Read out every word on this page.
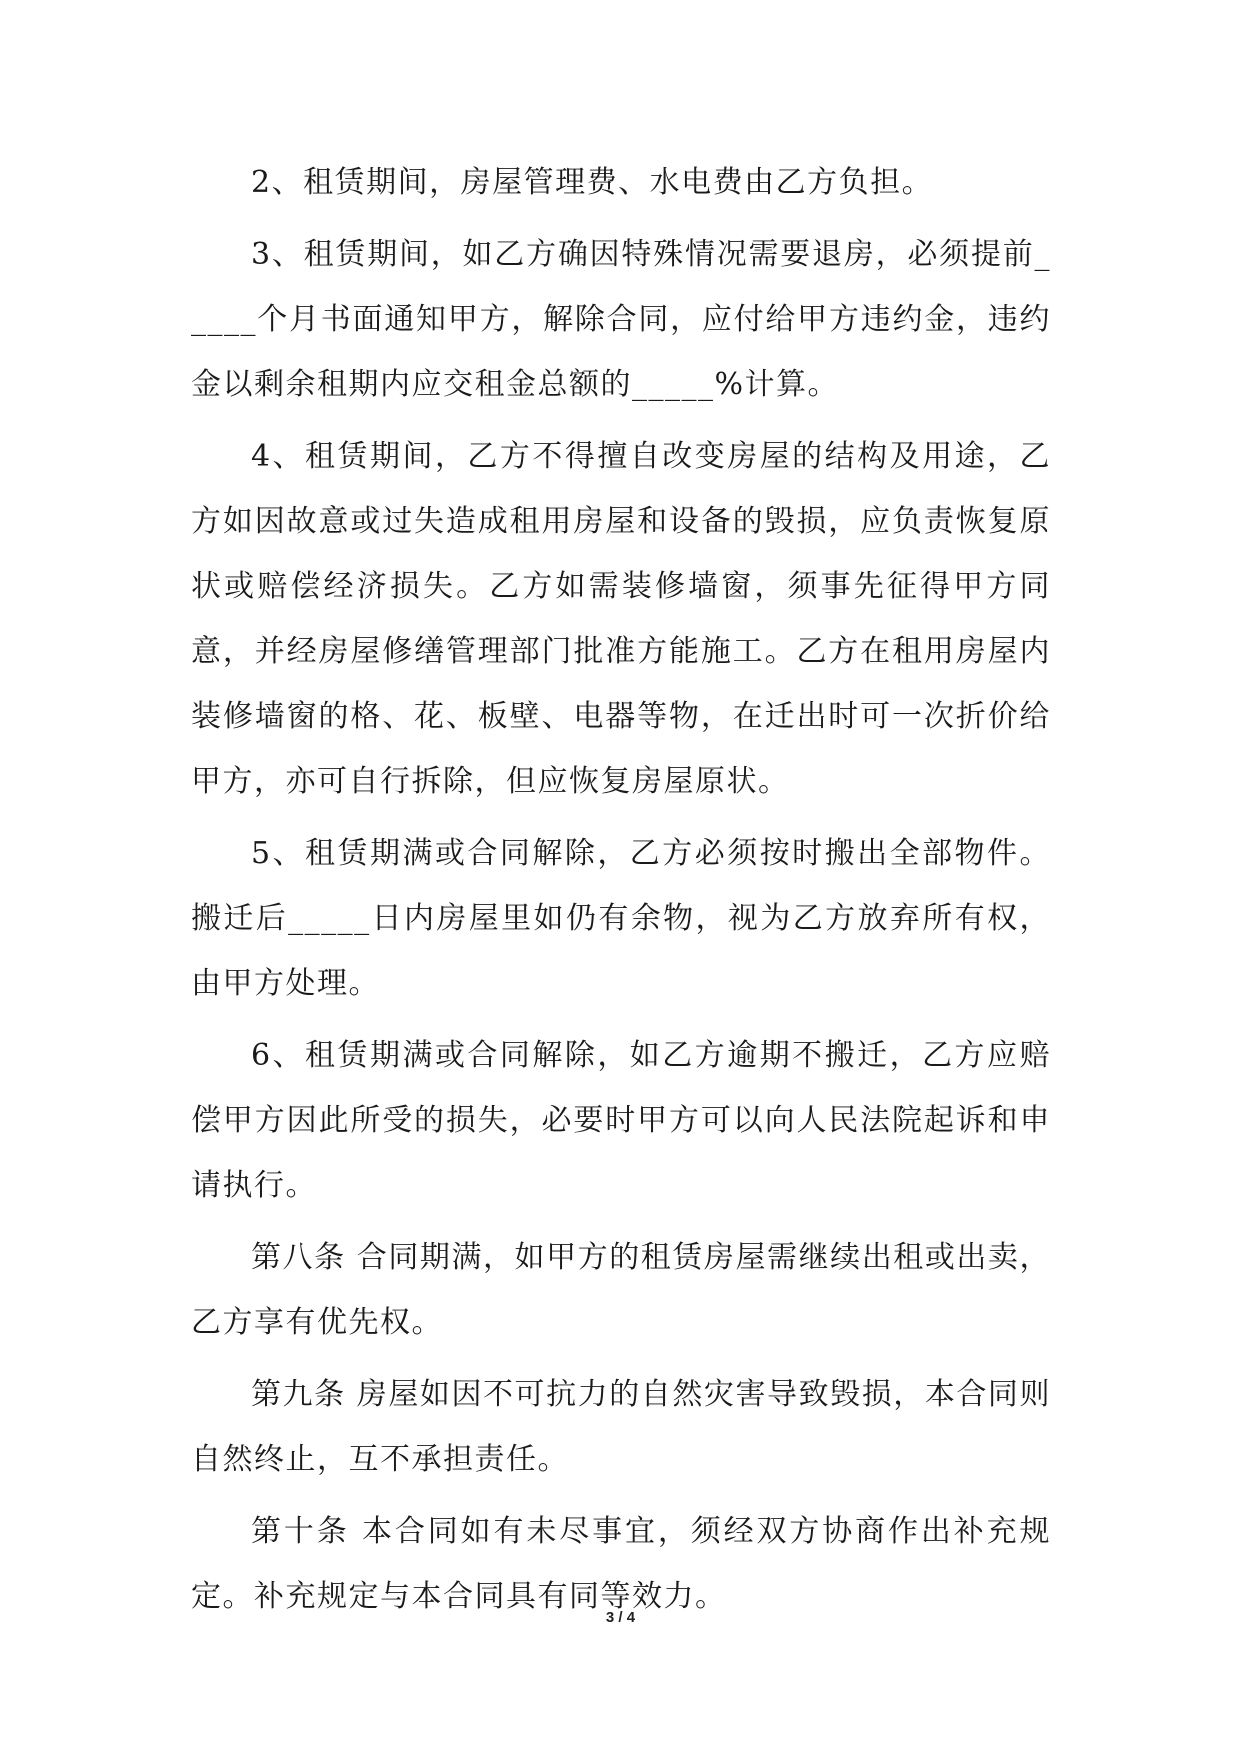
2、租赁期间，房屋管理费、水电费由乙方负担。

3、租赁期间，如乙方确因特殊情况需要退房，必须提前_____个月书面通知甲方，解除合同，应付给甲方违约金，违约金以剩余租期内应交租金总额的_____%计算。

4、租赁期间，乙方不得擅自改变房屋的结构及用途，乙方如因故意或过失造成租用房屋和设备的毁损，应负责恢复原状或赔偿经济损失。乙方如需装修墙窗，须事先征得甲方同意，并经房屋修缮管理部门批准方能施工。乙方在租用房屋内装修墙窗的格、花、板壁、电器等物，在迁出时可一次折价给甲方，亦可自行拆除，但应恢复房屋原状。

5、租赁期满或合同解除，乙方必须按时搬出全部物件。搬迁后_____日内房屋里如仍有余物，视为乙方放弃所有权，由甲方处理。

6、租赁期满或合同解除，如乙方逾期不搬迁，乙方应赔偿甲方因此所受的损失，必要时甲方可以向人民法院起诉和申请执行。

第八条 合同期满，如甲方的租赁房屋需继续出租或出卖，乙方享有优先权。

第九条 房屋如因不可抗力的自然灾害导致毁损，本合同则自然终止，互不承担责任。

第十条 本合同如有未尽事宜，须经双方协商作出补充规定。补充规定与本合同具有同等效力。

3 / 4
